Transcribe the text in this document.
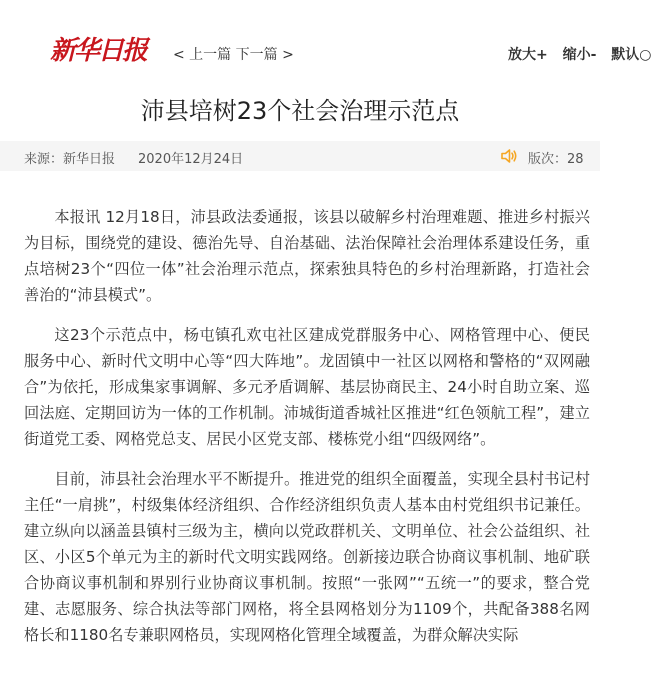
新华日报 < 上一篇 下一篇 >	放大+ 缩小- 默认○
沛县培树23个社会治理示范点
来源：新华日报 2020年12月24日	版次：28

本报讯 12月18日，沛县政法委通报，该县以破解乡村治理难题、推进乡村振兴为目标，围绕党的建设、德治先导、自治基础、法治保障社会治理体系建设任务，重点培树23个“四位一体”社会治理示范点，探索独具特色的乡村治理新路，打造社会善治的“沛县模式”。

这23个示范点中，杨屯镇孔欢屯社区建成党群服务中心、网格管理中心、便民服务中心、新时代文明中心等“四大阵地”。龙固镇中一社区以网格和警格的“双网融合”为依托，形成集家事调解、多元矛盾调解、基层协商民主、24小时自助立案、巡回法庭、定期回访为一体的工作机制。沛城街道香城社区推进“红色领航工程”，建立街道党工委、网格党总支、居民小区党支部、楼栋党小组“四级网络”。

目前，沛县社会治理水平不断提升。推进党的组织全面覆盖，实现全县村书记村主任“一肩挑”，村级集体经济组织、合作经济组织负责人基本由村党组织书记兼任。建立纵向以涵盖县镇村三级为主，横向以党政群机关、文明单位、社会公益组织、社区、小区5个单元为主的新时代文明实践网络。创新接边联合协商议事机制、地矿联合协商议事机制和界别行业协商议事机制。按照“一张网”“五统一”的要求，整合党建、志愿服务、综合执法等部门网格，将全县网格划分为1109个，共配备388名网格长和1180名专兼职网格员，实现网格化管理全域覆盖，为群众解决实际
